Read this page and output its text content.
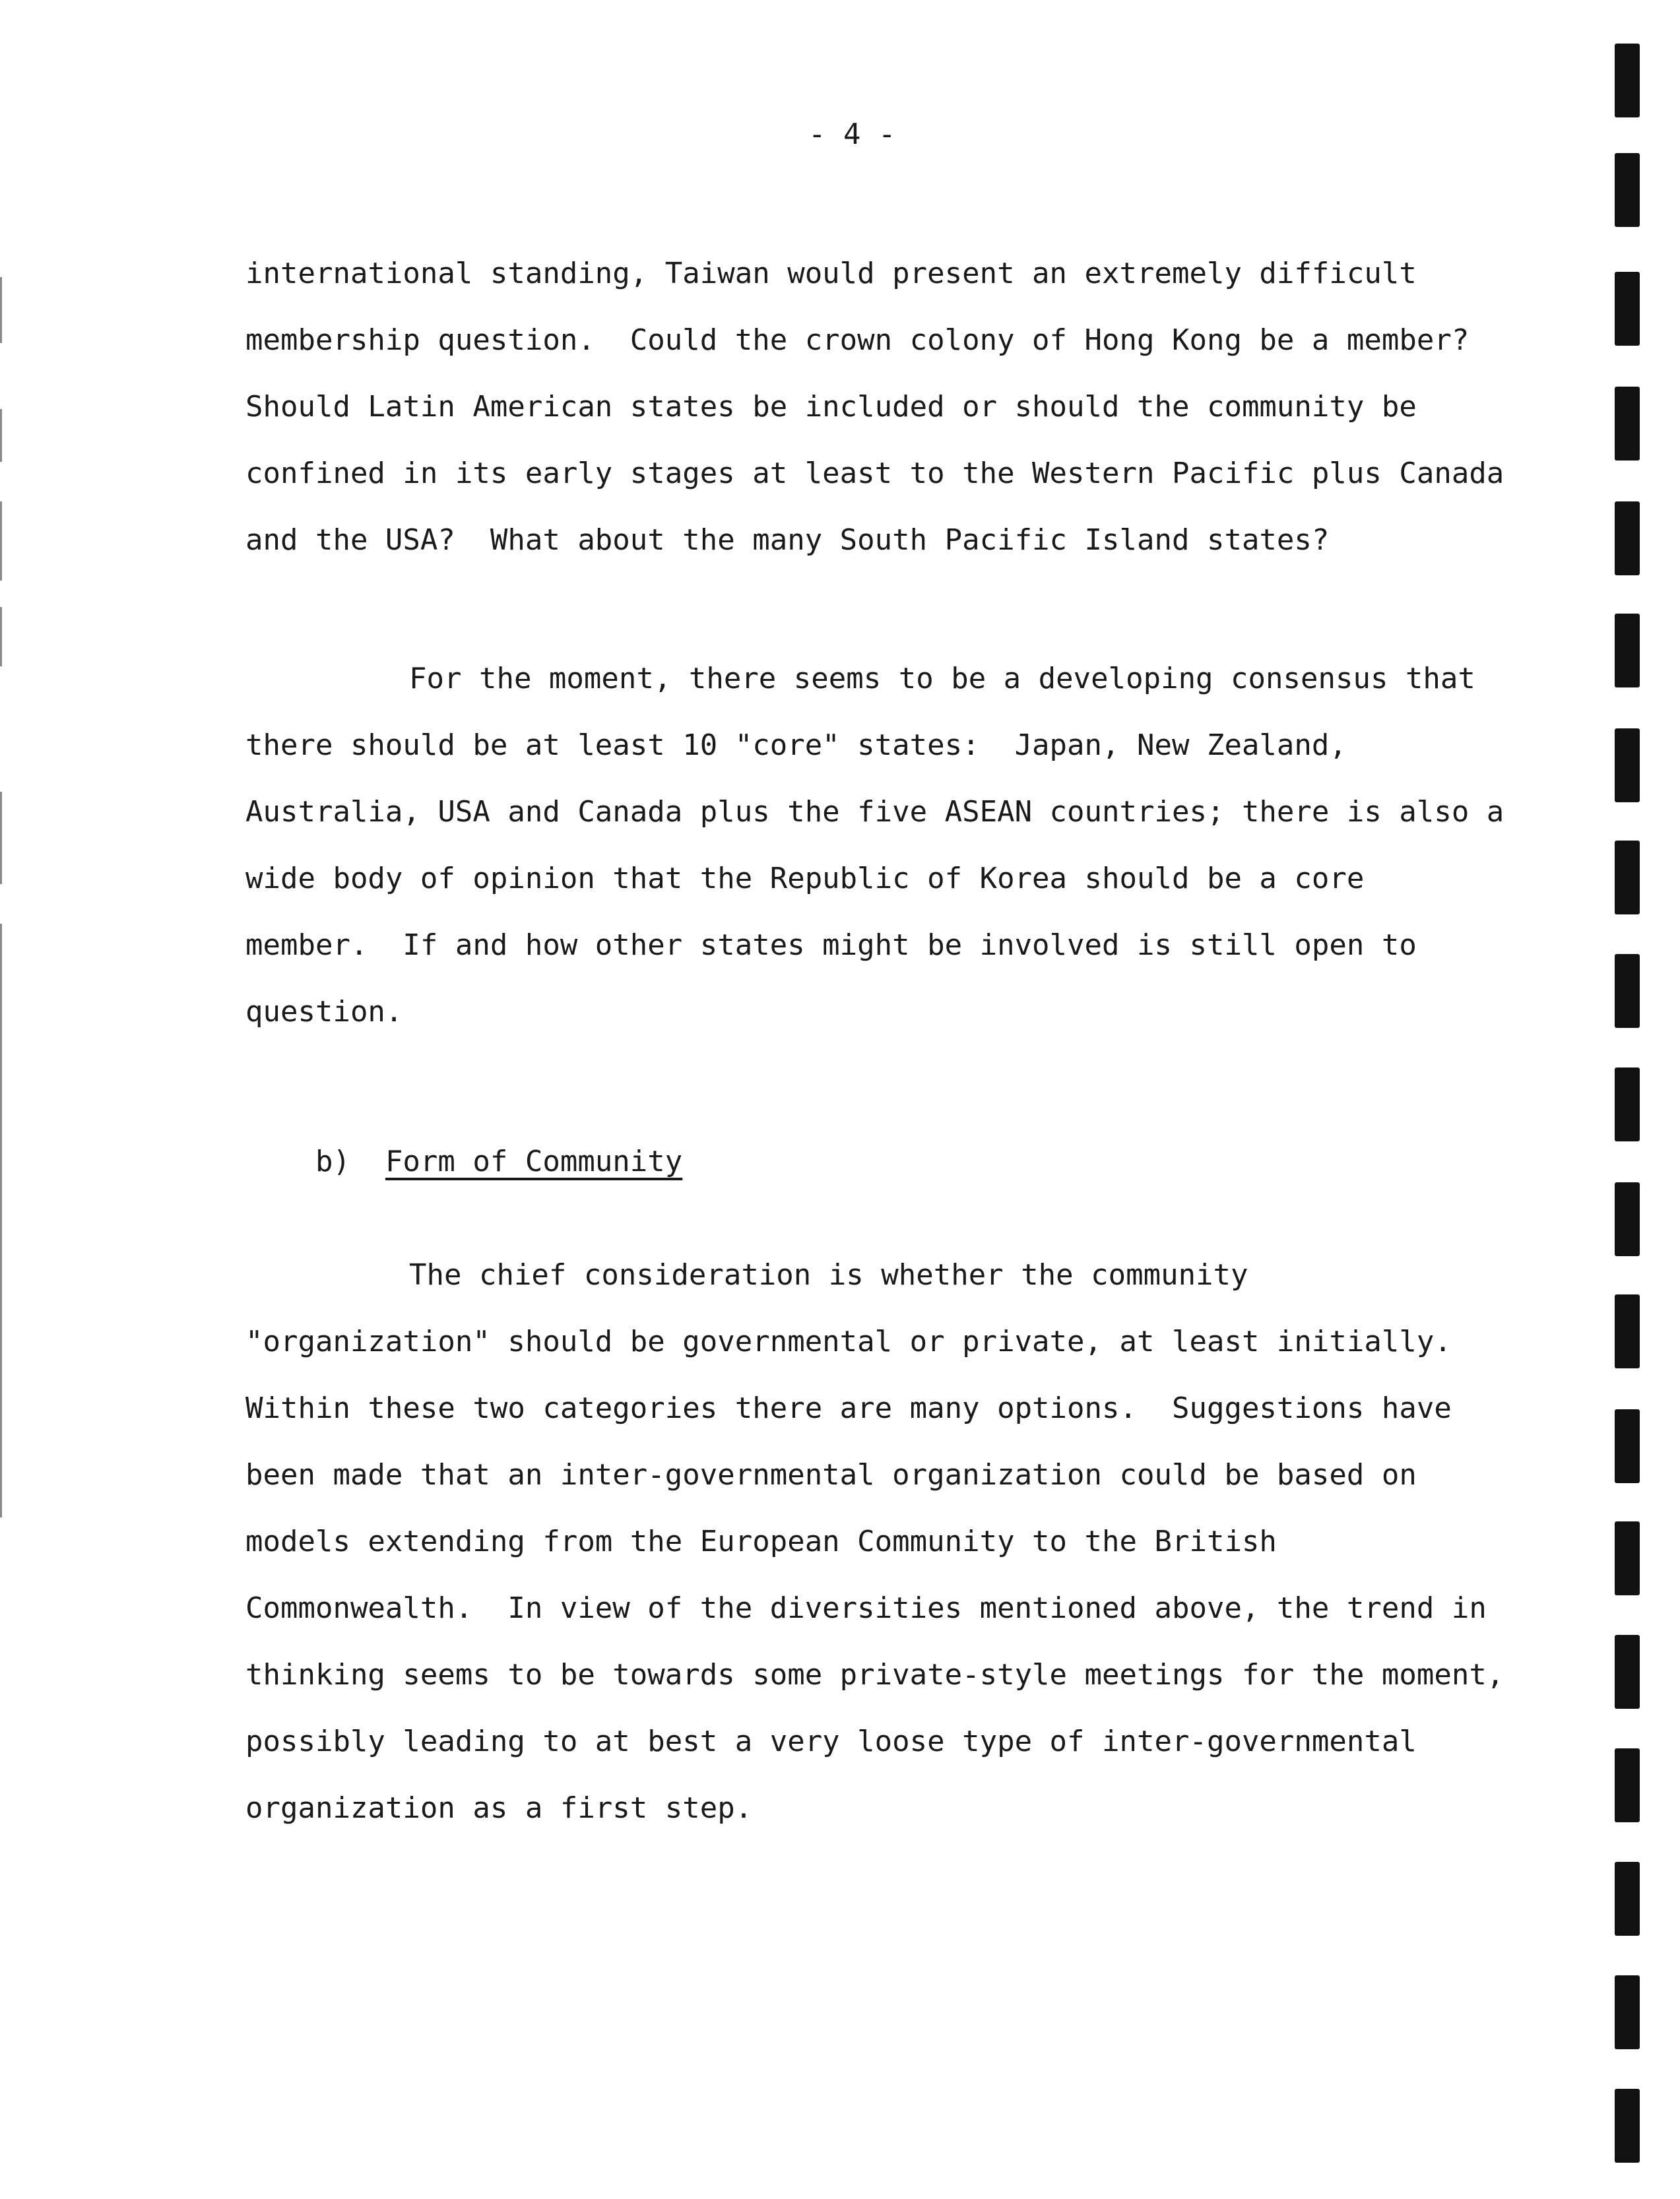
- 4 -
international standing, Taiwan would present an extremely difficult
membership question.  Could the crown colony of Hong Kong be a member?
Should Latin American states be included or should the community be
confined in its early stages at least to the Western Pacific plus Canada
and the USA?  What about the many South Pacific Island states?
For the moment, there seems to be a developing consensus that
there should be at least 10 "core" states:  Japan, New Zealand,
Australia, USA and Canada plus the five ASEAN countries; there is also a
wide body of opinion that the Republic of Korea should be a core
member.  If and how other states might be involved is still open to
question.

b) Form of Community

The chief consideration is whether the community
"organization" should be governmental or private, at least initially.
Within these two categories there are many options.  Suggestions have
been made that an inter-governmental organization could be based on
models extending from the European Community to the British
Commonwealth.  In view of the diversities mentioned above, the trend in
thinking seems to be towards some private-style meetings for the moment,
possibly leading to at best a very loose type of inter-governmental
organization as a first step.
